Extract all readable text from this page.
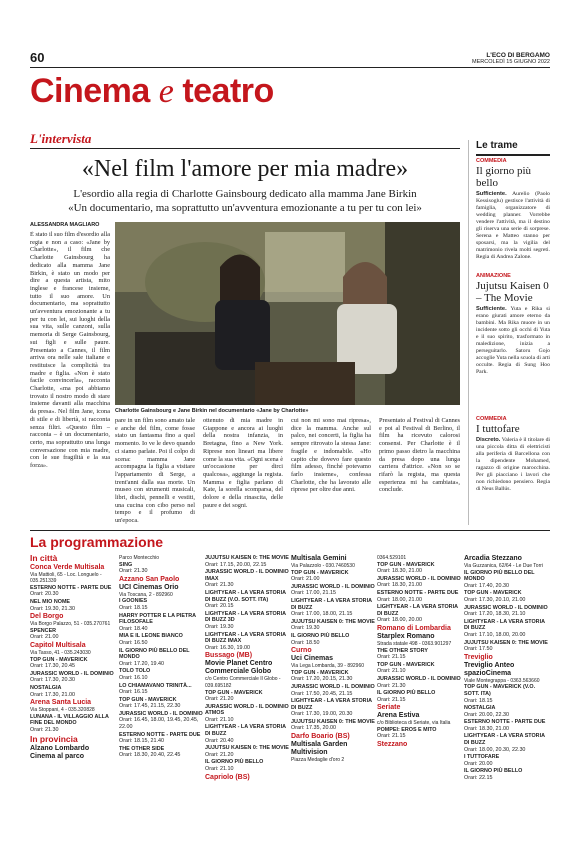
60	L'ECO DI BERGAMO
MERCOLEDÌ 15 GIUGNO 2022
Cinema e teatro
L'intervista
«Nel film l'amore per mia madre»
L'esordio alla regia di Charlotte Gainsbourg dedicato alla mamma Jane Birkin
«Un documentario, ma soprattutto un'avventura emozionante a tu per tu con lei»
ALESSANDRA MAGLIARO
È stato il suo film d'esordio alla regia e non a caso: «Jane by Charlotte», il film che Charlotte Gainsbourg ha dedicato alla mamma Jane Birkin, è stato un modo per dire a questa artista, mito inglese e francese insieme, tutto il suo amore. Un documentario, ma soprattutto un'avventura emozionante a tu per tu con lei, sui luoghi della sua vita, sulle canzoni, sulla memoria di Serge Gainsbourg, sui figli e sulle paure. Presentato a Cannes, il film arriva ora nelle sale italiane e restituisce la complicità tra madre e figlia. «Non è stato facile convincerla», racconta Charlotte, «ma poi abbiamo trovato il nostro modo di stare insieme davanti alla macchina da presa». Nel film Jane, icona di stile e di libertà, si racconta senza filtri. «Questo film – racconta – è un documentario, certo, ma soprattutto una lunga conversazione con mia madre, con le sue fragilità e la sua forza».
Charlotte Gainsbourg e Jane Birkin nel documentario «Jane by Charlotte»
pare in un film sono amato tale e anche del film, come fosse stato un fantasma fino a quel momento. Io ve le devo quando ci siamo parlate. Poi il colpo di scena: mamma Jane accompagna la figlia a visitare l'appartamento di Serge, a trent'anni dalla sua morte. Un museo con strumenti musicali, libri, dischi, pennelli e vestiti, una cucina con cibo perso nel tempo e il profumo di un'epoca.
ottenuto di mia madre in Giappone e ancora ai luoghi della nostra infanzia, in Bretagna, fino a New York. Riprese non lineari ma libere come la sua vita. «Ogni scena è un'occasione per dirci qualcosa», aggiunge la regista. Mamma e figlia parlano di Kate, la sorella scomparsa, del dolore e della rinascita, delle paure e dei sogni.
cui non mi sono mai ripresa», dice la mamma. Anche sul palco, nei concerti, la figlia ha sempre ritrovato la stessa Jane: fragile e indomabile. «Ho capito che dovevo fare questo film adesso, finché potevamo farlo insieme», confessa Charlotte, che ha lavorato alle riprese per oltre due anni.
Presentato al Festival di Cannes e poi al Festival di Berlino, il film ha ricevuto calorosi consensi. Per Charlotte è il primo passo dietro la macchina da presa dopo una lunga carriera d'attrice. «Non so se rifarò la regista, ma questa esperienza mi ha cambiata», conclude.
Le trame
COMMEDIA
Il giorno più bello
Sufficiente. Aurelio (Paolo Kessisoglu) gestisce l'attività di famiglia, organizzatore di wedding planner. Vorrebbe vendere l'attività, ma il destino gli riserva una serie di sorprese. Serena e Matteo stanno per sposarsi, ma la vigilia del matrimonio rivela molti segreti. Regia di Andrea Zalone.
ANIMAZIONE
Jujutsu Kaisen 0 – The Movie
Sufficiente. Yuta e Rika si erano giurati amore eterno da bambini. Ma Rika muore in un incidente sotto gli occhi di Yuta e il suo spirito, trasformato in maledizione, inizia a perseguitarlo. Satoru Gojo accoglie Yuta nella scuola di arti occulte. Regia di Sung Hoo Park.
COMMEDIA
I tuttofare
Discreto. Valeria è il titolare di una piccola ditta di elettricisti alla periferia di Barcellona con la dipendente Mohamed, ragazzo di origine marocchina. Per gli piacciano i lavori che non richiedono pensiero. Regia di Neus Ballús.
La programmazione
In città
Conca Verde Multisala
Via Mattioli, 65 - Loc. Longuelo - 035.251339
ESTERNO NOTTE - PARTE DUE
Orari: 20.30
NEL MIO NOME
Orari: 19.30, 21.30
Del Borgo
Via Borgo Palazzo, 51 - 035.270761
SPENCER
Orari: 21.00
Capitol Multisala
Via Tasso, 41 - 035.243030
TOP GUN - MAVERICK
Orari: 17.30, 20.45
JURASSIC WORLD - IL DOMINIO
Orari: 17.30, 20.30
NOSTALGIA
Orari: 17.30, 21.00
Arena Santa Lucia
Via Stoppani, 4 - 035.320828
LUNANA - IL VILLAGGIO ALLA FINE DEL MONDO
Orari: 21.30
In provincia
Alzano Lombardo
Cinema al parco
Parco Montecchio
SING
Orari: 21.30
Azzano San Paolo
UCI Cinemas Orio
Via Toscana, 2 - 892960
I GOONIES
Orari: 18.15
HARRY POTTER E LA PIETRA FILOSOFALE
Orari: 18.40
MIA E IL LEONE BIANCO
Orari: 16.50
IL GIORNO PIÙ BELLO DEL MONDO
Orari: 17.20, 19.40
TOLO TOLO
Orari: 16.10
LO CHIAMAVANO TRINITÀ...
Orari: 16.15
TOP GUN - MAVERICK
Orari: 17.45, 21.15, 22.30
JURASSIC WORLD - IL DOMINIO
Orari: 16.45, 18.00, 19.45, 20.45, 22.00
ESTERNO NOTTE - PARTE DUE
Orari: 18.15, 21.40
THE OTHER SIDE
Orari: 18.30, 20.40, 22.45
JUJUTSU KAISEN 0: THE MOVIE
Orari: 17.15, 20.00, 22.15
JURASSIC WORLD - IL DOMINIO IMAX
Orari: 21.30
LIGHTYEAR - LA VERA STORIA DI BUZZ (V.O. SOTT. ITA)
Orari: 20.15
LIGHTYEAR - LA VERA STORIA DI BUZZ 3D
Orari: 19.30
LIGHTYEAR - LA VERA STORIA DI BUZZ IMAX
Orari: 16.30, 19.00
Bussago (MB)
Movie Planet Centro Commerciale Globo
c/o Centro Commerciale Il Globo - 039.695182
TOP GUN - MAVERICK
Orari: 21.20
JURASSIC WORLD - IL DOMINIO ATMOS
Orari: 21.10
LIGHTYEAR - LA VERA STORIA DI BUZZ
Orari: 20.40
JUJUTSU KAISEN 0: THE MOVIE
Orari: 21.20
IL GIORNO PIÙ BELLO
Orari: 21.10
Capriolo (BS)
Multisala Gemini
Via Palazzolo - 030.7460530
TOP GUN - MAVERICK
Orari: 21.00
JURASSIC WORLD - IL DOMINIO
Orari: 17.00, 21.15
LIGHTYEAR - LA VERA STORIA DI BUZZ
Orari: 17.00, 18.00, 21.15
JUJUTSU KAISEN 0: THE MOVIE
Orari: 19.30
IL GIORNO PIÙ BELLO
Orari: 18.50
Curno
Uci Cinemas
Via Lega Lombarda, 39 - 892960
TOP GUN - MAVERICK
Orari: 17.20, 20.15, 21.30
JURASSIC WORLD - IL DOMINIO
Orari: 17.50, 20.45, 21.15
LIGHTYEAR - LA VERA STORIA DI BUZZ
Orari: 17.30, 19.00, 20.30
JUJUTSU KAISEN 0: THE MOVIE
Orari: 17.35, 20.00
Darfo Boario (BS)
Multisala Garden Multivision
Piazza Medaglie d'oro 2
0364.529101
TOP GUN - MAVERICK
Orari: 18.30, 21.00
JURASSIC WORLD - IL DOMINIO
Orari: 18.30, 21.00
ESTERNO NOTTE - PARTE DUE
Orari: 18.00, 21.00
LIGHTYEAR - LA VERA STORIA DI BUZZ
Orari: 18.00, 20.00
Romano di Lombardia
Starplex Romano
Strada statale 498 - 0363.901297
THE OTHER STORY
Orari: 21.15
TOP GUN - MAVERICK
Orari: 21.10
JURASSIC WORLD - IL DOMINIO
Orari: 21.30
IL GIORNO PIÙ BELLO
Orari: 21.15
Seriate
Arena Estiva
c/o Biblioteca di Seriate, via Italia
POMPEI: EROS E MITO
Orari: 21.15
Stezzano
Arcadia Stezzano
Via Guzzanica, 62/64 - Le Due Torri
IL GIORNO PIÙ BELLO DEL MONDO
Orari: 17.40, 20.30
TOP GUN - MAVERICK
Orari: 17.30, 20.10, 21.00
JURASSIC WORLD - IL DOMINIO
Orari: 17.20, 18.30, 21.10
LIGHTYEAR - LA VERA STORIA DI BUZZ
Orari: 17.10, 18.00, 20.00
JUJUTSU KAISEN 0: THE MOVIE
Orari: 17.50
Treviglio
Treviglio Anteo spazioCinema
Viale Montegrappa - 0363.563660
TOP GUN - MAVERICK (V.O. SOTT. ITA)
Orari: 18.15
NOSTALGIA
Orari: 20.00, 22.30
ESTERNO NOTTE - PARTE DUE
Orari: 18.30, 21.00
LIGHTYEAR - LA VERA STORIA DI BUZZ
Orari: 18.00, 20.30, 22.30
I TUTTOFARE
Orari: 20.00
IL GIORNO PIÙ BELLO
Orari: 22.15
